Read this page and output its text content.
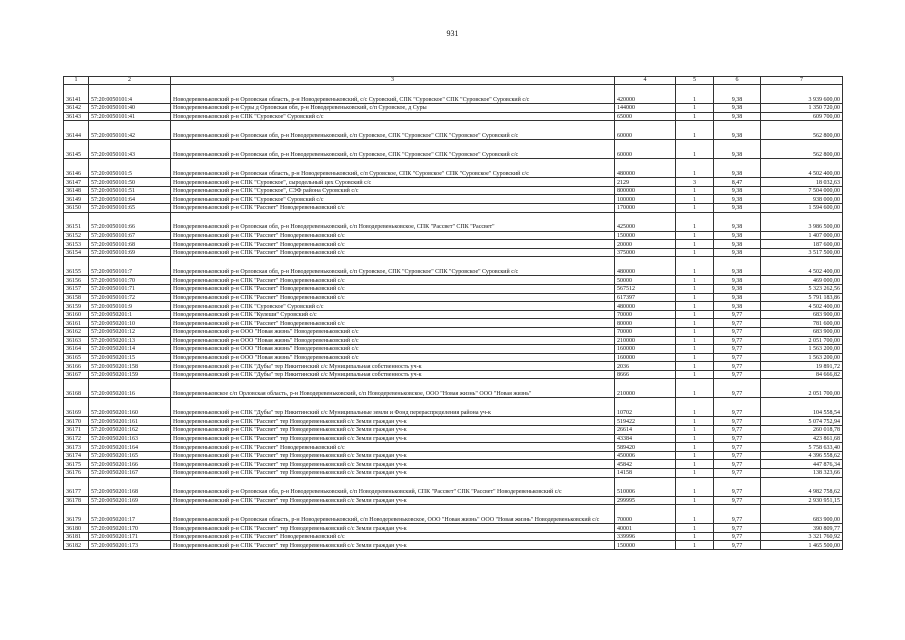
931
1	2	3	4	5	6	7
36141	57:20:0050101:4	Новодеревеньковский р-н Орловская область, р-н Новодеревеньковский, с/с Суровский, СПК "Суровское" СПК "Суровское" Суровский с/с	420000	1	9,38	3 939 600,00
36142	57:20:0050101:40	Новодеревеньковский р-н Суры д Орловская обл, р-н Новодеревеньковский, с/п Суровское, д Суры	144000	1	9,38	1 350 720,00
36143	57:20:0050101:41	Новодеревеньковский р-н СПК "Суровское" Суровский с/с	65000	1	9,38	609 700,00
36144	57:20:0050101:42	Новодеревеньковский р-н Орловская обл, р-н Новодеревеньковский, с/п Суровское, СПК "Суровское" СПК "Суровское" Суровский с/с	60000	1	9,38	562 800,00
36145	57:20:0050101:43	Новодеревеньковский р-н Орловская обл, р-н Новодеревеньковский, с/п Суровское, СПК "Суровское" СПК "Суровское" Суровский с/с	60000	1	9,38	562 800,00
36146	57:20:0050101:5	Новодеревеньковский р-н Орловская область, р-н Новодеревеньковский, с/п Суровское, СПК "Суровское" СПК "Суровское" Суровский с/с	480000	1	9,38	4 502 400,00
36147	57:20:0050101:50	Новодеревеньковский р-н СПК "Суровское", сыродельный цех Суровский с/с	2129	3	8,47	18 032,63
36148	57:20:0050101:51	Новодеревеньковский р-н СПК "Суровское", СЭФ района Суровский с/с	800000	1	9,38	7 504 000,00
36149	57:20:0050101:64	Новодеревеньковский р-н СПК "Суровское" Суровский с/с	100000	1	9,38	938 000,00
36150	57:20:0050101:65	Новодеревеньковский р-н СПК "Рассвет" Новодеревеньковский с/с	170000	1	9,38	1 594 600,00
36151	57:20:0050101:66	Новодеревеньковский р-н Орловская обл, р-н Новодеревеньковский, с/п Новодеревеньковское, СПК "Рассвет" СПК "Рассвет"	425000	1	9,38	3 986 500,00
36152	57:20:0050101:67	Новодеревеньковский р-н СПК "Рассвет" Новодеревеньковский с/с	150000	1	9,38	1 407 000,00
36153	57:20:0050101:68	Новодеревеньковский р-н СПК "Рассвет" Новодеревеньковский с/с	20000	1	9,38	187 600,00
36154	57:20:0050101:69	Новодеревеньковский р-н СПК "Рассвет" Новодеревеньковский с/с	375000	1	9,38	3 517 500,00
36155	57:20:0050101:7	Новодеревеньковский р-н Орловская обл, р-н Новодеревеньковский, с/п Суровское, СПК "Суровское" СПК "Суровское" Суровский с/с	480000	1	9,38	4 502 400,00
36156	57:20:0050101:70	Новодеревеньковский р-н СПК "Рассвет" Новодеревеньковский с/с	50000	1	9,38	469 000,00
36157	57:20:0050101:71	Новодеревеньковский р-н СПК "Рассвет" Новодеревеньковский с/с	567512	1	9,38	5 323 262,56
36158	57:20:0050101:72	Новодеревеньковский р-н СПК "Рассвет" Новодеревеньковский с/с	617397	1	9,38	5 791 183,86
36159	57:20:0050101:9	Новодеревеньковский р-н СПК "Суровское" Суровский с/с	480000	1	9,38	4 502 400,00
36160	57:20:0050201:1	Новодеревеньковский р-н СПК "Кулеши" Суровский с/с	70000	1	9,77	683 900,00
36161	57:20:0050201:10	Новодеревеньковский р-н СПК "Рассвет" Новодеревеньковский с/с	80000	1	9,77	781 600,00
36162	57:20:0050201:12	Новодеревеньковский р-н ООО "Новая жизнь" Новодеревеньковский с/с	70000	1	9,77	683 900,00
36163	57:20:0050201:13	Новодеревеньковский р-н ООО "Новая жизнь" Новодеревеньковский с/с	210000	1	9,77	2 051 700,00
36164	57:20:0050201:14	Новодеревеньковский р-н ООО "Новая жизнь" Новодеревеньковский с/с	160000	1	9,77	1 563 200,00
36165	57:20:0050201:15	Новодеревеньковский р-н ООО "Новая жизнь" Новодеревеньковский с/с	160000	1	9,77	1 563 200,00
36166	57:20:0050201:158	Новодеревеньковский р-н СПК "Дубы" тер Никитинский с/с Муниципальная собственность уч-к	2036	1	9,77	19 891,72
36167	57:20:0050201:159	Новодеревеньковский р-н СПК "Дубы" тер Никитинский с/с Муниципальная собственность уч-к	8666	1	9,77	84 666,82
36168	57:20:0050201:16	Новодеревеньковское с/п Орловская область, р-н Новодеревеньковский, с/п Новодеревеньковское, ООО "Новая жизнь" ООО "Новая жизнь"	210000	1	9,77	2 051 700,00
36169	57:20:0050201:160	Новодеревеньковский р-н СПК "Дубы" тер Никитинский с/с Муниципальные земли и Фонд перераспределения района уч-к	10702	1	9,77	104 558,54
36170	57:20:0050201:161	Новодеревеньковский р-н СПК "Рассвет" тер Новодеревеньковский с/с Земли граждан уч-к	519422	1	9,77	5 074 752,94
36171	57:20:0050201:162	Новодеревеньковский р-н СПК "Рассвет" тер Новодеревеньковский с/с Земли граждан уч-к	26614	1	9,77	260 018,78
36172	57:20:0050201:163	Новодеревеньковский р-н СПК "Рассвет" тер Новодеревеньковский с/с Земли граждан уч-к	43384	1	9,77	423 861,68
36173	57:20:0050201:164	Новодеревеньковский р-н СПК "Рассвет" Новодеревеньковский с/с	589420	1	9,77	5 758 633,40
36174	57:20:0050201:165	Новодеревеньковский р-н СПК "Рассвет" тер Новодеревеньковский с/с Земли граждан уч-к	450006	1	9,77	4 396 558,62
36175	57:20:0050201:166	Новодеревеньковский р-н СПК "Рассвет" тер Новодеревеньковский с/с Земли граждан уч-к	45842	1	9,77	447 876,34
36176	57:20:0050201:167	Новодеревеньковский р-н СПК "Рассвет" тер Новодеревеньковский с/с Земли граждан уч-к	14158	1	9,77	138 323,66
36177	57:20:0050201:168	Новодеревеньковский р-н Орловская обл, р-н Новодеревеньковский, с/п Новодеревеньковский, СПК "Рассвет" СПК "Рассвет" Новодеревеньковский с/с	510006	1	9,77	4 982 758,62
36178	57:20:0050201:169	Новодеревеньковский р-н СПК "Рассвет" тер Новодеревеньковский с/с Земли граждан уч-к	299995	1	9,77	2 930 951,15
36179	57:20:0050201:17	Новодеревеньковский р-н Орловская область, р-н Новодеревеньковский, с/п Новодеревеньковское, ООО "Новая жизнь" ООО "Новая жизнь" Новодеревеньковский с/с	70000	1	9,77	683 900,00
36180	57:20:0050201:170	Новодеревеньковский р-н СПК "Рассвет" тер Новодеревеньковский с/с Земли граждан уч-к	40001	1	9,77	390 809,77
36181	57:20:0050201:171	Новодеревеньковский р-н СПК "Рассвет" Новодеревеньковский с/с	339996	1	9,77	3 321 760,92
36182	57:20:0050201:173	Новодеревеньковский р-н СПК "Рассвет" тер Новодеревеньковский с/с Земли граждан уч-к	150000	1	9,77	1 465 500,00
